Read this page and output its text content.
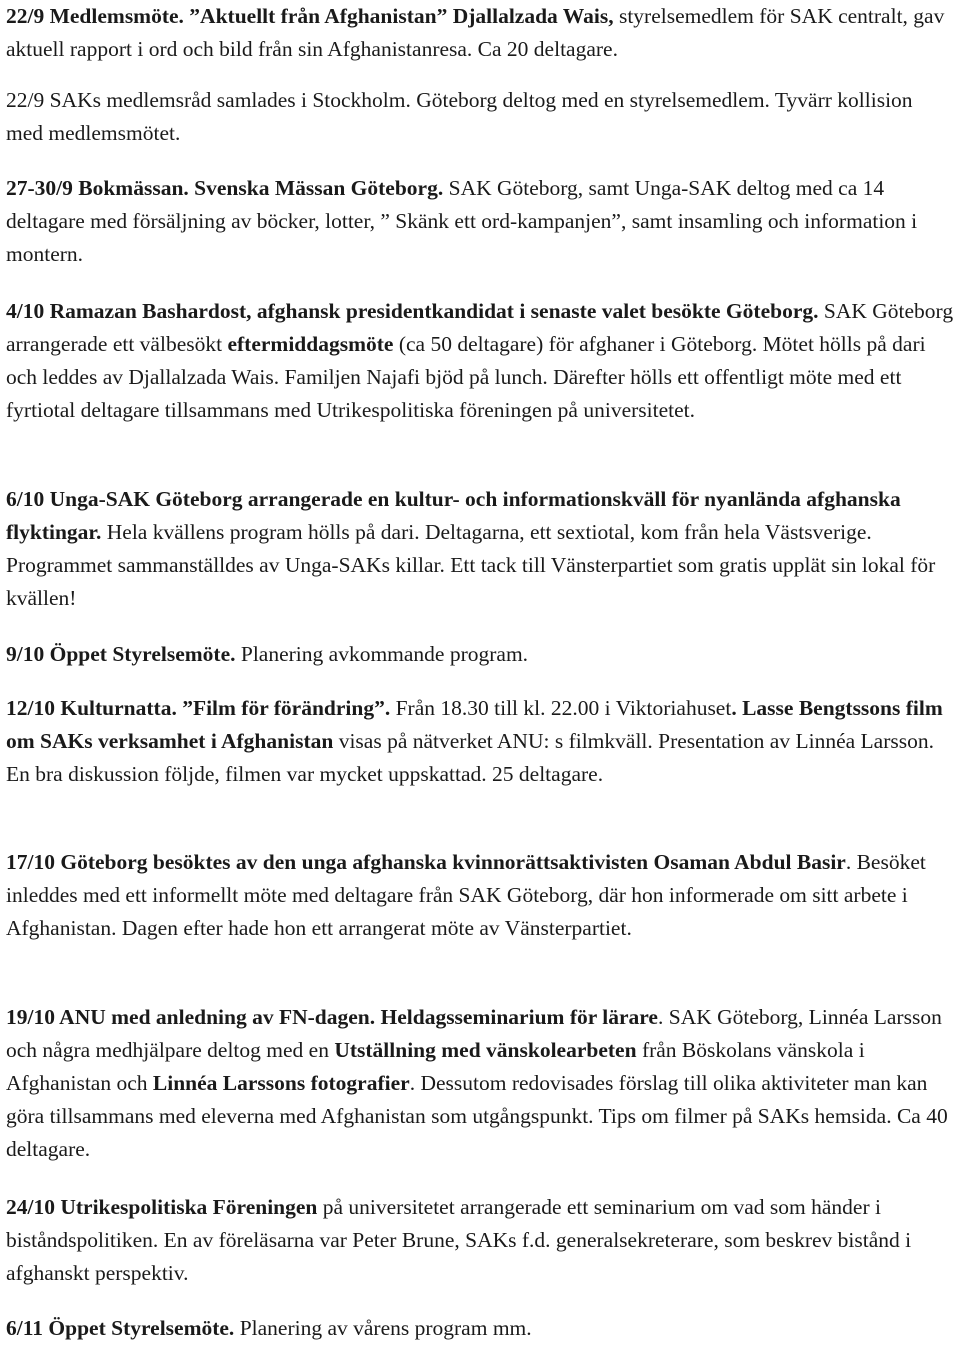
22/9 Medlemsmöte. ”Aktuellt från Afghanistan” Djallalzada Wais, styrelsemedlem för SAK centralt, gav aktuell rapport i ord och bild från sin Afghanistanresa. Ca 20 deltagare.

22/9 SAKs medlemsråd samlades i Stockholm. Göteborg deltog med en styrelsemedlem. Tyvärr kollision med medlemsmötet.

27-30/9 Bokmässan. Svenska Mässan Göteborg. SAK Göteborg, samt Unga-SAK deltog med ca 14 deltagare med försäljning av böcker, lotter, ” Skänk ett ord-kampanjen”, samt insamling och information i montern.

4/10 Ramazan Bashardost, afghansk presidentkandidat i senaste valet besökte Göteborg. SAK Göteborg arrangerade ett välbesökt eftermiddagsmöte (ca 50 deltagare) för afghaner i Göteborg. Mötet hölls på dari och leddes av Djallalzada Wais. Familjen Najafi bjöd på lunch. Därefter hölls ett offentligt möte med ett fyrtiotal deltagare tillsammans med Utrikespolitiska föreningen på universitetet.

6/10 Unga-SAK Göteborg arrangerade en kultur- och informationskväll för nyanlända afghanska flyktingar. Hela kvällens program hölls på dari. Deltagarna, ett sextiotal, kom från hela Västsverige. Programmet sammanställdes av Unga-SAKs killar. Ett tack till Vänsterpartiet som gratis upplät sin lokal för kvällen!

9/10 Öppet Styrelsemöte. Planering avkommande program.

12/10 Kulturnatta. ”Film för förändring”. Från 18.30 till kl. 22.00 i Viktoriahuset. Lasse Bengtssons film om SAKs verksamhet i Afghanistan visas på nätverket ANU: s filmkväll. Presentation av Linnéa Larsson. En bra diskussion följde, filmen var mycket uppskattad. 25 deltagare.

17/10 Göteborg besöktes av den unga afghanska kvinnorättsaktivisten Osaman Abdul Basir. Besöket inleddes med ett informellt möte med deltagare från SAK Göteborg, där hon informerade om sitt arbete i Afghanistan. Dagen efter hade hon ett arrangerat möte av Vänsterpartiet.

19/10 ANU med anledning av FN-dagen. Heldagsseminarium för lärare. SAK Göteborg, Linnéa Larsson och några medhjälpare deltog med en Utställning med vänskolearbeten från Böskolans vänskola i Afghanistan och Linnéa Larssons fotografier. Dessutom redovisades förslag till olika aktiviteter man kan göra tillsammans med eleverna med Afghanistan som utgångspunkt. Tips om filmer på SAKs hemsida. Ca 40 deltagare.

24/10 Utrikespolitiska Föreningen på universitetet arrangerade ett seminarium om vad som händer i biståndspolitiken. En av föreläsarna var Peter Brune, SAKs f.d. generalsekreterare, som beskrev bistånd i afghanskt perspektiv.

6/11 Öppet Styrelsemöte. Planering av vårens program mm.
